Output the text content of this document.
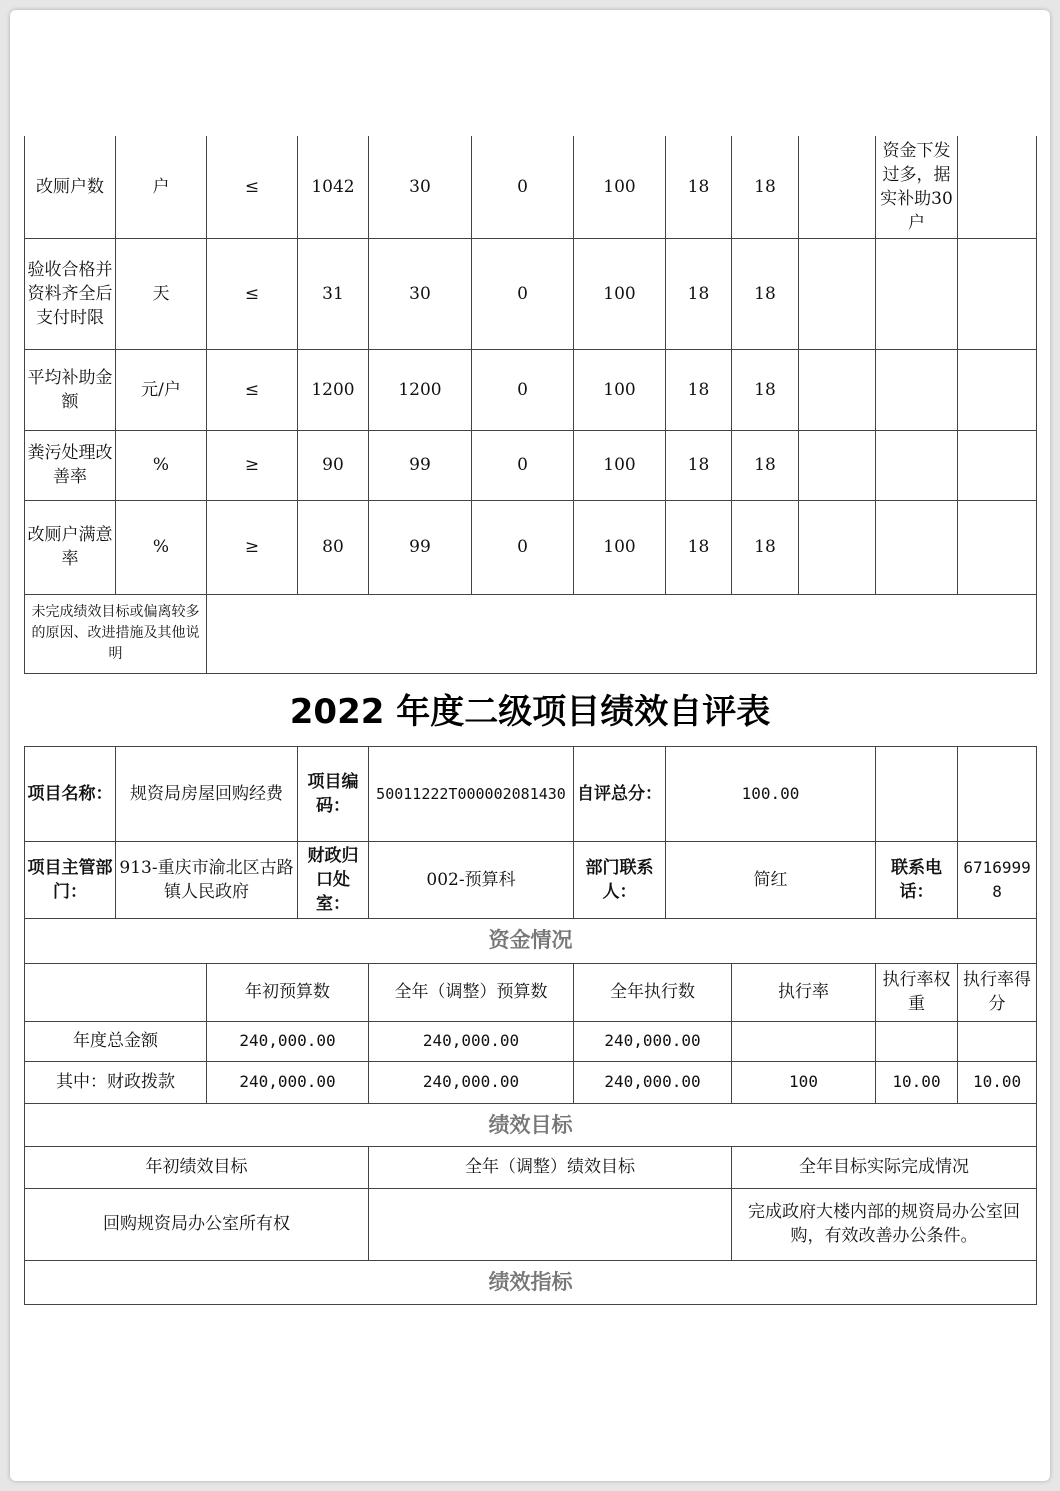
改厕户数	户	≤	1042	30	0	100	18	18		资金下发过多，据实补助30户	
验收合格并资料齐全后支付时限	天	≤	31	30	0	100	18	18			
平均补助金额	元/户	≤	1200	1200	0	100	18	18			
粪污处理改善率	%	≥	90	99	0	100	18	18			
改厕户满意率	%	≥	80	99	0	100	18	18			
未完成绩效目标或偏离较多的原因、改进措施及其他说明											
2022 年度二级项目绩效自评表
项目名称：	规资局房屋回购经费	项目编码：	50011222T000002081430	自评总分：	100.00		
项目主管部门：	913-重庆市渝北区古路镇人民政府	财政归口处室：	002-预算科	部门联系人：	简红	联系电话：	67169998
资金情况						
	年初预算数	全年（调整）预算数	全年执行数	执行率	执行率权重	执行率得分
年度总金额	240,000.00	240,000.00	240,000.00			
其中：财政拨款	240,000.00	240,000.00	240,000.00	100	10.00	10.00
绩效目标						
年初绩效目标		全年（调整）绩效目标		全年目标实际完成情况		
回购规资局办公室所有权				完成政府大楼内部的规资局办公室回购，有效改善办公条件。		
绩效指标						
